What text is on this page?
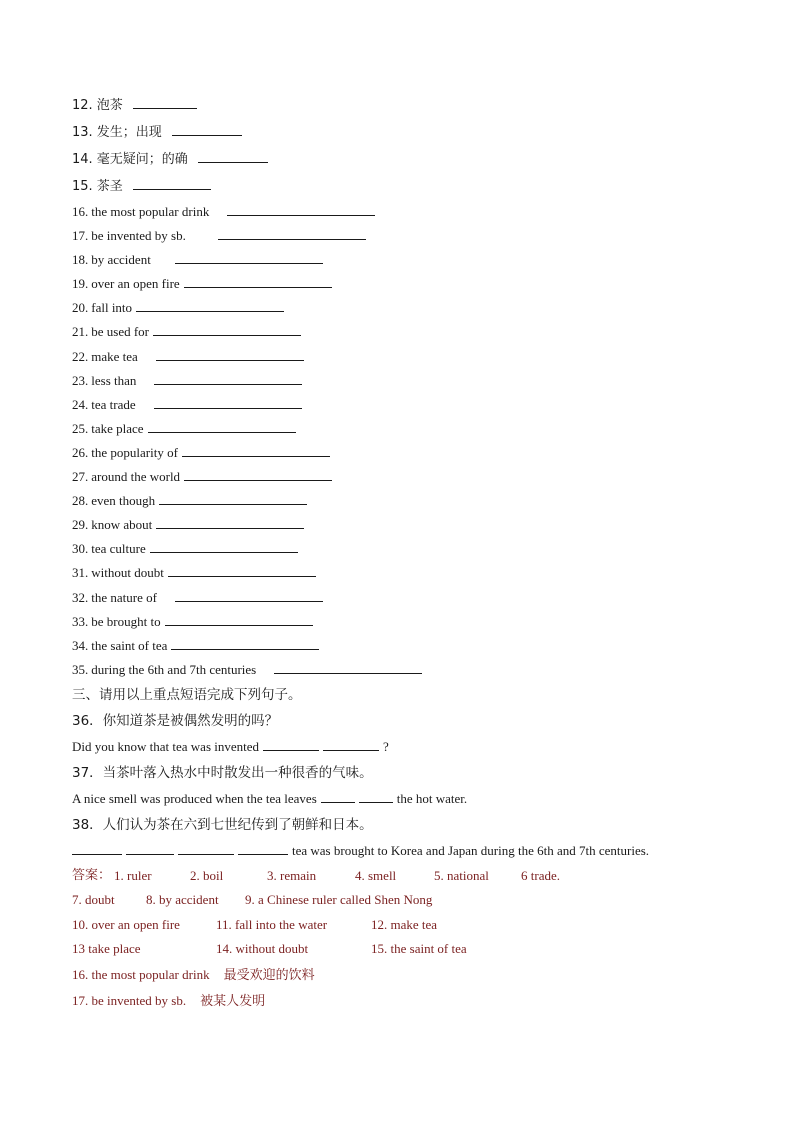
12. 泡茶
13. 发生；出现
14. 毫无疑问；的确
15. 茶圣
16. the most popular drink
17. be invented by sb.
18. by accident
19. over an open fire
20. fall into
21. be used for
22. make tea
23. less than
24. tea trade
25. take place
26. the popularity of
27. around the world
28. even though
29. know about
30. tea culture
31. without doubt
32. the nature of
33. be brought to
34. the saint of tea
35. during the 6th and 7th centuries
三、请用以上重点短语完成下列句子。
36．你知道茶是被偶然发明的吗？
Did you know that tea was invented	?
37．当茶叶落入热水中时散发出一种很香的气味。
A nice smell was produced when the tea leaves	the hot water.
38．人们认为茶在六到七世纪传到了朝鲜和日本。
tea was brought to Korea and Japan during the 6th and 7th centuries.
答案： 1. ruler	2. boil	3. remain	4. smell	5. national 6 trade.
7. doubt 8. by accident 9. a Chinese ruler called Shen Nong
10. over an open fire	11. fall into the water	12. make tea
13 take place	14. without doubt	15. the saint of tea
16. the most popular drink 最受欢迎的饮料
17. be invented by sb. 被某人发明
